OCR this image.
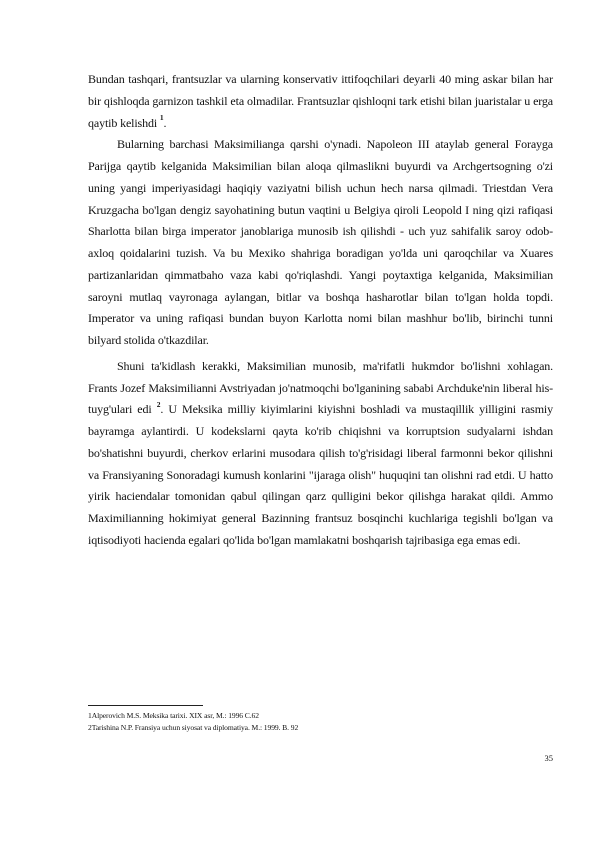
Bundan tashqari, frantsuzlar va ularning konservativ ittifoqchilari deyarli 40 ming askar bilan har bir qishloqda garnizon tashkil eta olmadilar. Frantsuzlar qishloqni tark etishi bilan juaristalar u erga qaytib kelishdi $^1$.

Bularning barchasi Maksimilianga qarshi o'ynadi. Napoleon III ataylab general Forayga Parijga qaytib kelganida Maksimilian bilan aloqa qilmaslikni buyurdi va Archgertsogning o'zi uning yangi imperiyasidagi haqiqiy vaziyatni bilish uchun hech narsa qilmadi. Triestdan Vera Kruzgacha bo'lgan dengiz sayohatining butun vaqtini u Belgiya qiroli Leopold I ning qizi rafiqasi Sharlotta bilan birga imperator janoblariga munosib ish qilishdi - uch yuz sahifalik saroy odob-axloq qoidalarini tuzish. Va bu Mexiko shahriga boradigan yo'lda uni qaroqchilar va Xuares partizanlaridan qimmatbaho vaza kabi qo'riqlashdi. Yangi poytaxtiga kelganida, Maksimilian saroyni mutlaq vayronaga aylangan, bitlar va boshqa hasharotlar bilan to'lgan holda topdi. Imperator va uning rafiqasi bundan buyon Karlotta nomi bilan mashhur bo'lib, birinchi tunni bilyard stolida o'tkazdilar.

Shuni ta'kidlash kerakki, Maksimilian munosib, ma'rifatli hukmdor bo'lishni xohlagan. Frants Jozef Maksimilianni Avstriyadan jo'natmoqchi bo'lganining sababi Archduke'nin liberal his-tuyg'ulari edi $^2$. U Meksika milliy kiyimlarini kiyishni boshladi va mustaqillik yilligini rasmiy bayramga aylantirdi. U kodekslarni qayta ko'rib chiqishni va korruptsion sudyalarni ishdan bo'shatishni buyurdi, cherkov erlarini musodara qilish to'g'risidagi liberal farmonni bekor qilishni va Fransiyaning Sonoradagi kumush konlarini "ijaraga olish" huquqini tan olishni rad etdi. U hatto yirik haciendalar tomonidan qabul qilingan qarz qulligini bekor qilishga harakat qildi. Ammo Maximilianning hokimiyat general Bazinning frantsuz bosqinchi kuchlariga tegishli bo'lgan va iqtisodiyoti hacienda egalari qo'lida bo'lgan mamlakatni boshqarish tajribasiga ega emas edi.

1Alperovich M.S. Meksika tarixi. XIX asr, M.: 1996 C.62
2Tarishina N.P. Fransiya uchun siyosat va diplomatiya. M.: 1999. B. 92
35
